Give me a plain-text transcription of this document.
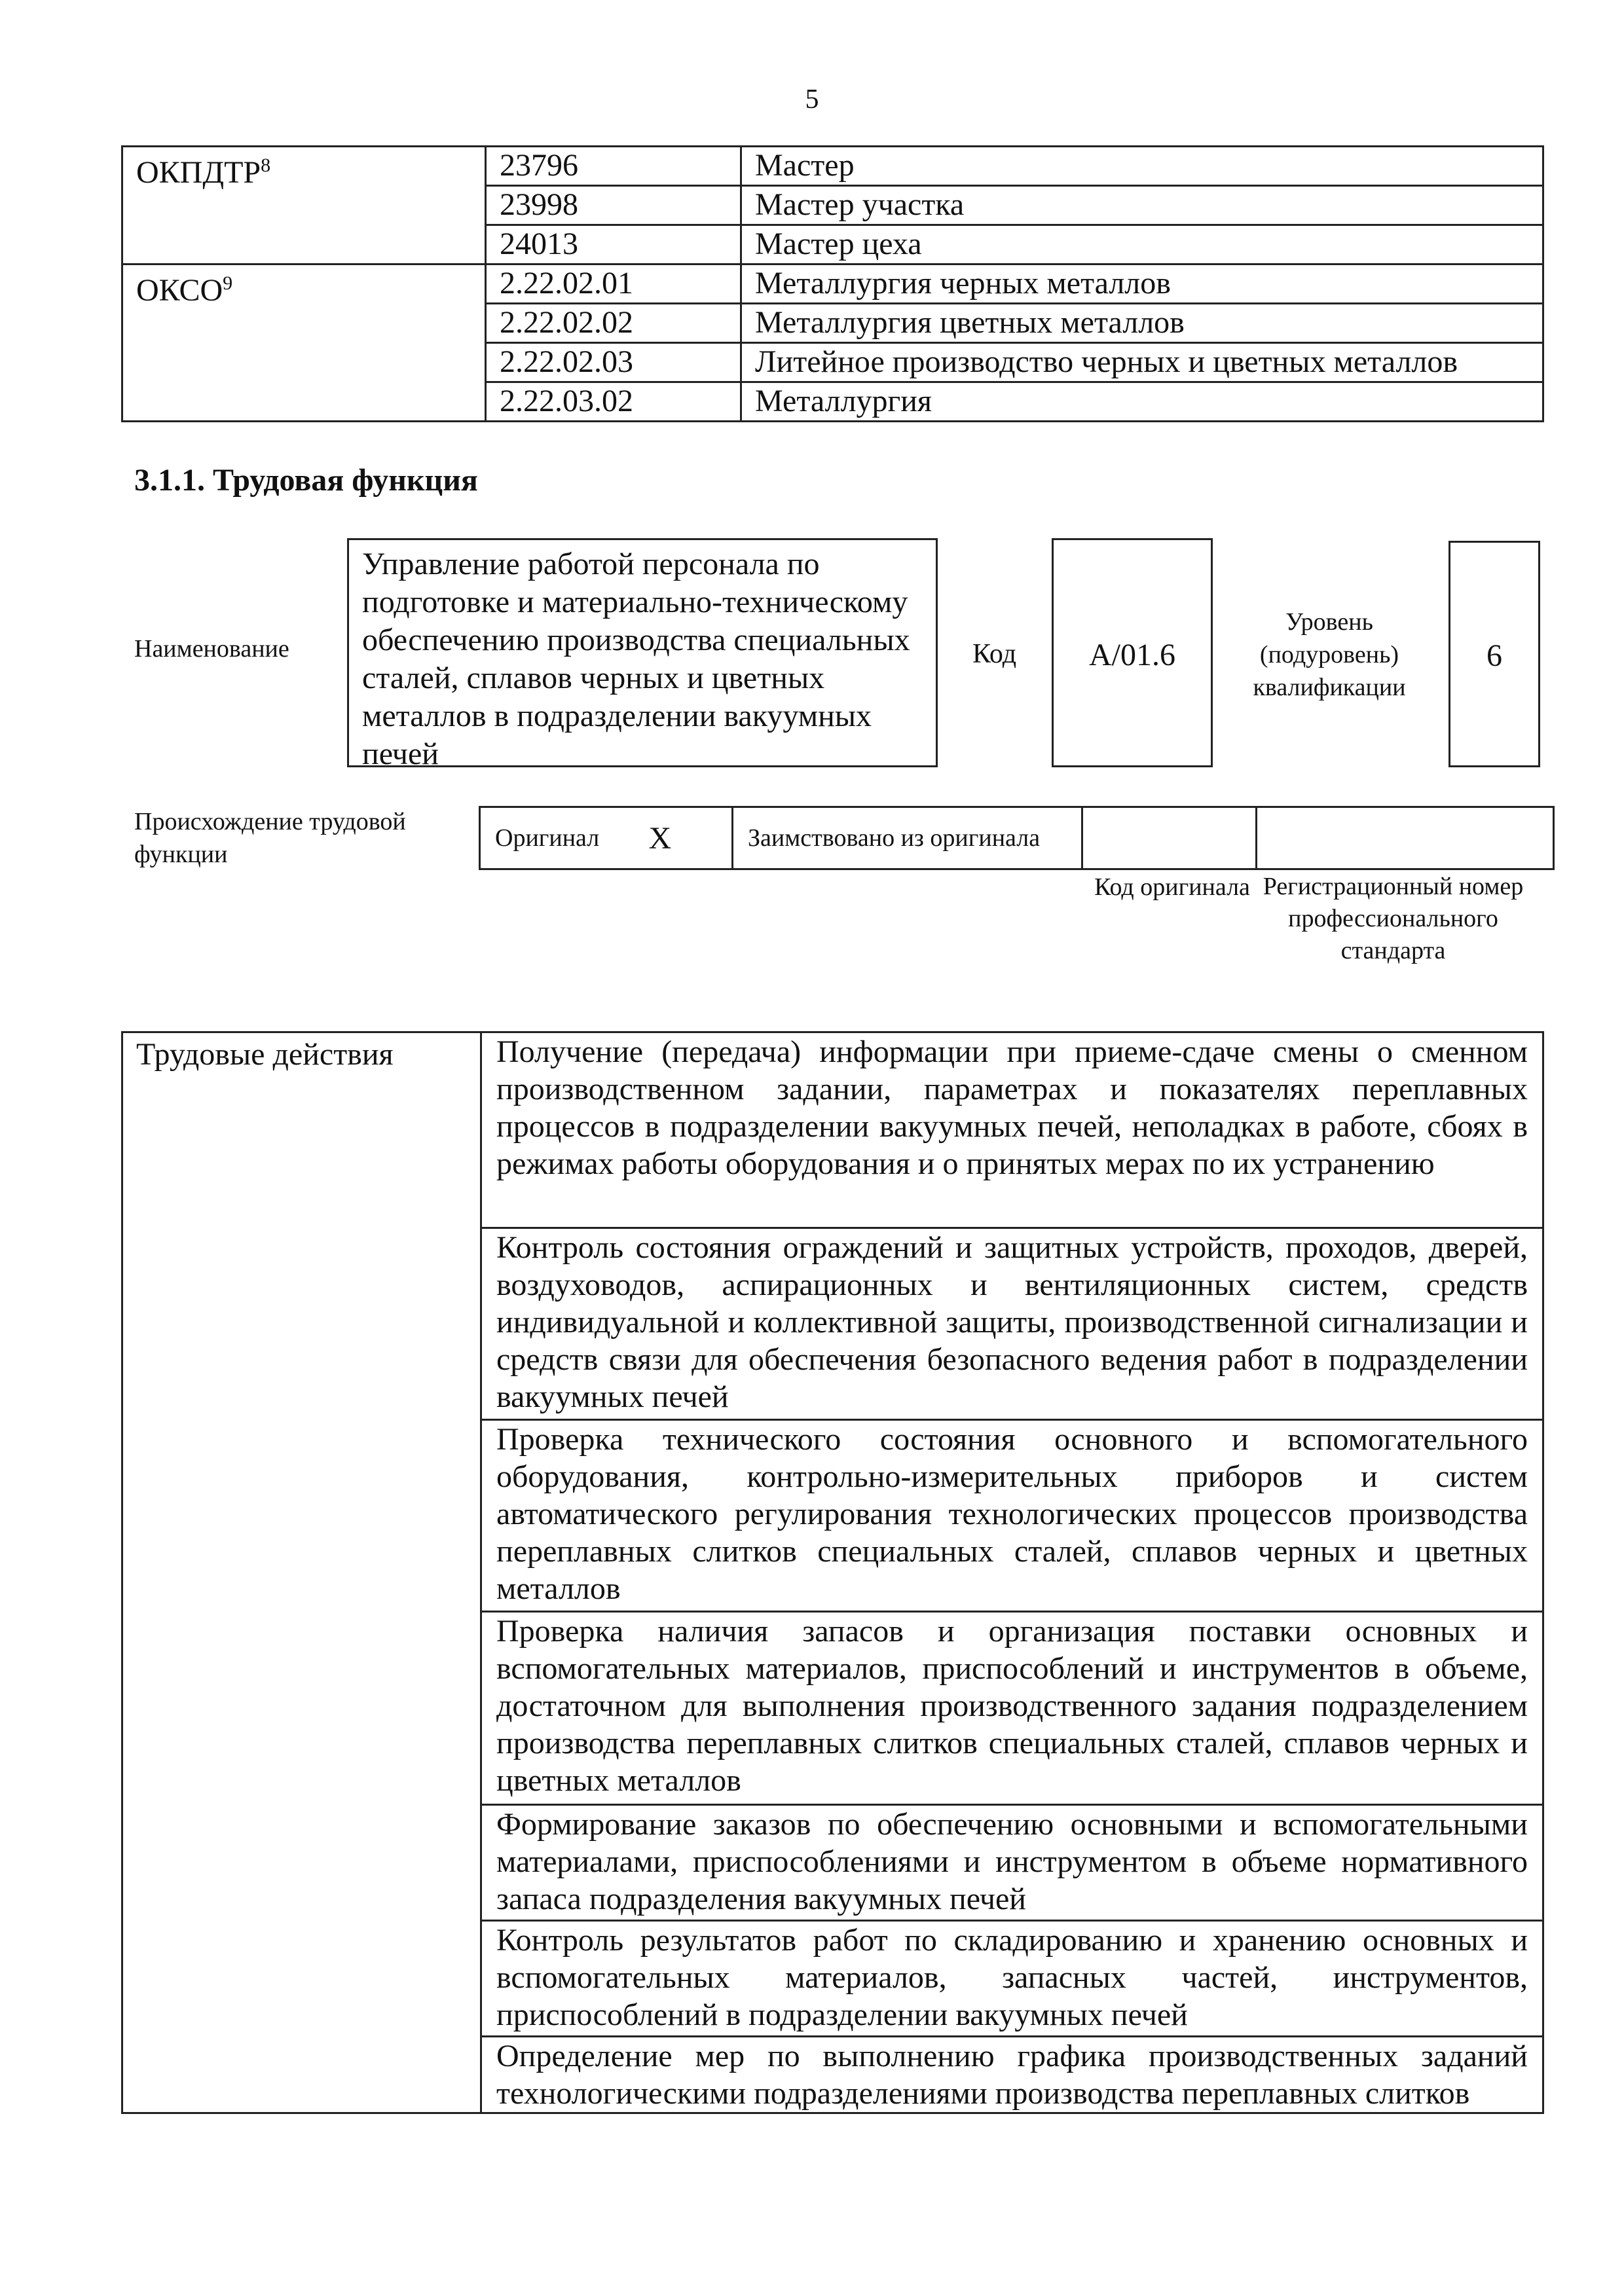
5
ОКПДТР$^8$	23796	Мастер
	23998	Мастер участка
	24013	Мастер цеха
ОКСО$^9$	2.22.02.01	Металлургия черных металлов
	2.22.02.02	Металлургия цветных металлов
	2.22.02.03	Литейное производство черных и цветных металлов
	2.22.03.02	Металлургия
3.1.1. Трудовая функция
Наименование
Управление работой персонала по подготовке и материально-техническому обеспечению производства специальных сталей, сплавов черных и цветных металлов в подразделении вакуумных печей
Код	A/01.6
Уровень (подуровень) квалификации
6
Происхождение трудовой функции
Оригинал	X	Заимствовано из оригинала		
Код оригинала Регистрационный номер профессионального стандарта
Трудовые действия	Получение (передача) информации при приеме-сдаче смены о сменном производственном задании, параметрах и показателях переплавных процессов в подразделении вакуумных печей, неполадках в работе, сбоях в режимах работы оборудования и о принятых мерах по их устранению
Контроль состояния ограждений и защитных устройств, проходов, дверей, воздуховодов, аспирационных и вентиляционных систем, средств индивидуальной и коллективной защиты, производственной сигнализации и средств связи для обеспечения безопасного ведения работ в подразделении вакуумных печей
Проверка технического состояния основного и вспомогательного оборудования, контрольно-измерительных приборов и систем автоматического регулирования технологических процессов производства переплавных слитков специальных сталей, сплавов черных и цветных металлов
Проверка наличия запасов и организация поставки основных и вспомогательных материалов, приспособлений и инструментов в объеме, достаточном для выполнения производственного задания подразделением производства переплавных слитков специальных сталей, сплавов черных и цветных металлов
Формирование заказов по обеспечению основными и вспомогательными материалами, приспособлениями и инструментом в объеме нормативного запаса подразделения вакуумных печей
Контроль результатов работ по складированию и хранению основных и вспомогательных материалов, запасных частей, инструментов, приспособлений в подразделении вакуумных печей
Определение мер по выполнению графика производственных заданий технологическими подразделениями производства переплавных слитков
